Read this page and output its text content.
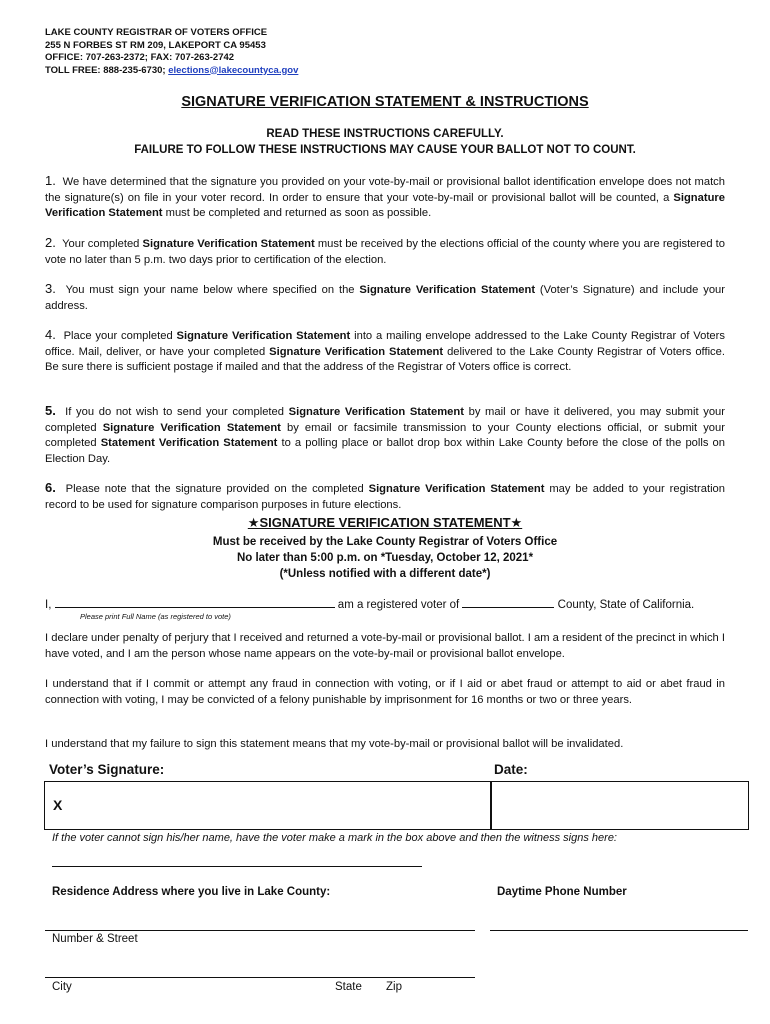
LAKE COUNTY REGISTRAR OF VOTERS OFFICE
255 N FORBES ST RM 209, LAKEPORT CA 95453
OFFICE: 707-263-2372; FAX: 707-263-2742
TOLL FREE: 888-235-6730; elections@lakecountyca.gov
SIGNATURE VERIFICATION STATEMENT & INSTRUCTIONS
READ THESE INSTRUCTIONS CAREFULLY.
FAILURE TO FOLLOW THESE INSTRUCTIONS MAY CAUSE YOUR BALLOT NOT TO COUNT.
1. We have determined that the signature you provided on your vote-by-mail or provisional ballot identification envelope does not match the signature(s) on file in your voter record. In order to ensure that your vote-by-mail or provisional ballot will be counted, a Signature Verification Statement must be completed and returned as soon as possible.
2. Your completed Signature Verification Statement must be received by the elections official of the county where you are registered to vote no later than 5 p.m. two days prior to certification of the election.
3. You must sign your name below where specified on the Signature Verification Statement (Voter’s Signature) and include your address.
4. Place your completed Signature Verification Statement into a mailing envelope addressed to the Lake County Registrar of Voters office. Mail, deliver, or have your completed Signature Verification Statement delivered to the Lake County Registrar of Voters office. Be sure there is sufficient postage if mailed and that the address of the Registrar of Voters office is correct.
5. If you do not wish to send your completed Signature Verification Statement by mail or have it delivered, you may submit your completed Signature Verification Statement by email or facsimile transmission to your County elections official, or submit your completed Statement Verification Statement to a polling place or ballot drop box within Lake County before the close of the polls on Election Day.
6. Please note that the signature provided on the completed Signature Verification Statement may be added to your registration record to be used for signature comparison purposes in future elections.
★SIGNATURE VERIFICATION STATEMENT★
Must be received by the Lake County Registrar of Voters Office
No later than 5:00 p.m. on *Tuesday, October 12, 2021*
(*Unless notified with a different date*)
I,	am a registered voter of	County, State of California.
Please print Full Name (as registered to vote)
I declare under penalty of perjury that I received and returned a vote-by-mail or provisional ballot. I am a resident of the precinct in which I have voted, and I am the person whose name appears on the vote-by-mail or provisional ballot envelope.
I understand that if I commit or attempt any fraud in connection with voting, or if I aid or abet fraud or attempt to aid or abet fraud in connection with voting, I may be convicted of a felony punishable by imprisonment for 16 months or two or three years.
I understand that my failure to sign this statement means that my vote-by-mail or provisional ballot will be invalidated.
Voter’s Signature:	Date:
X
If the voter cannot sign his/her name, have the voter make a mark in the box above and then the witness signs here:
Residence Address where you live in Lake County:	Daytime Phone Number
Number & Street
City	State Zip
